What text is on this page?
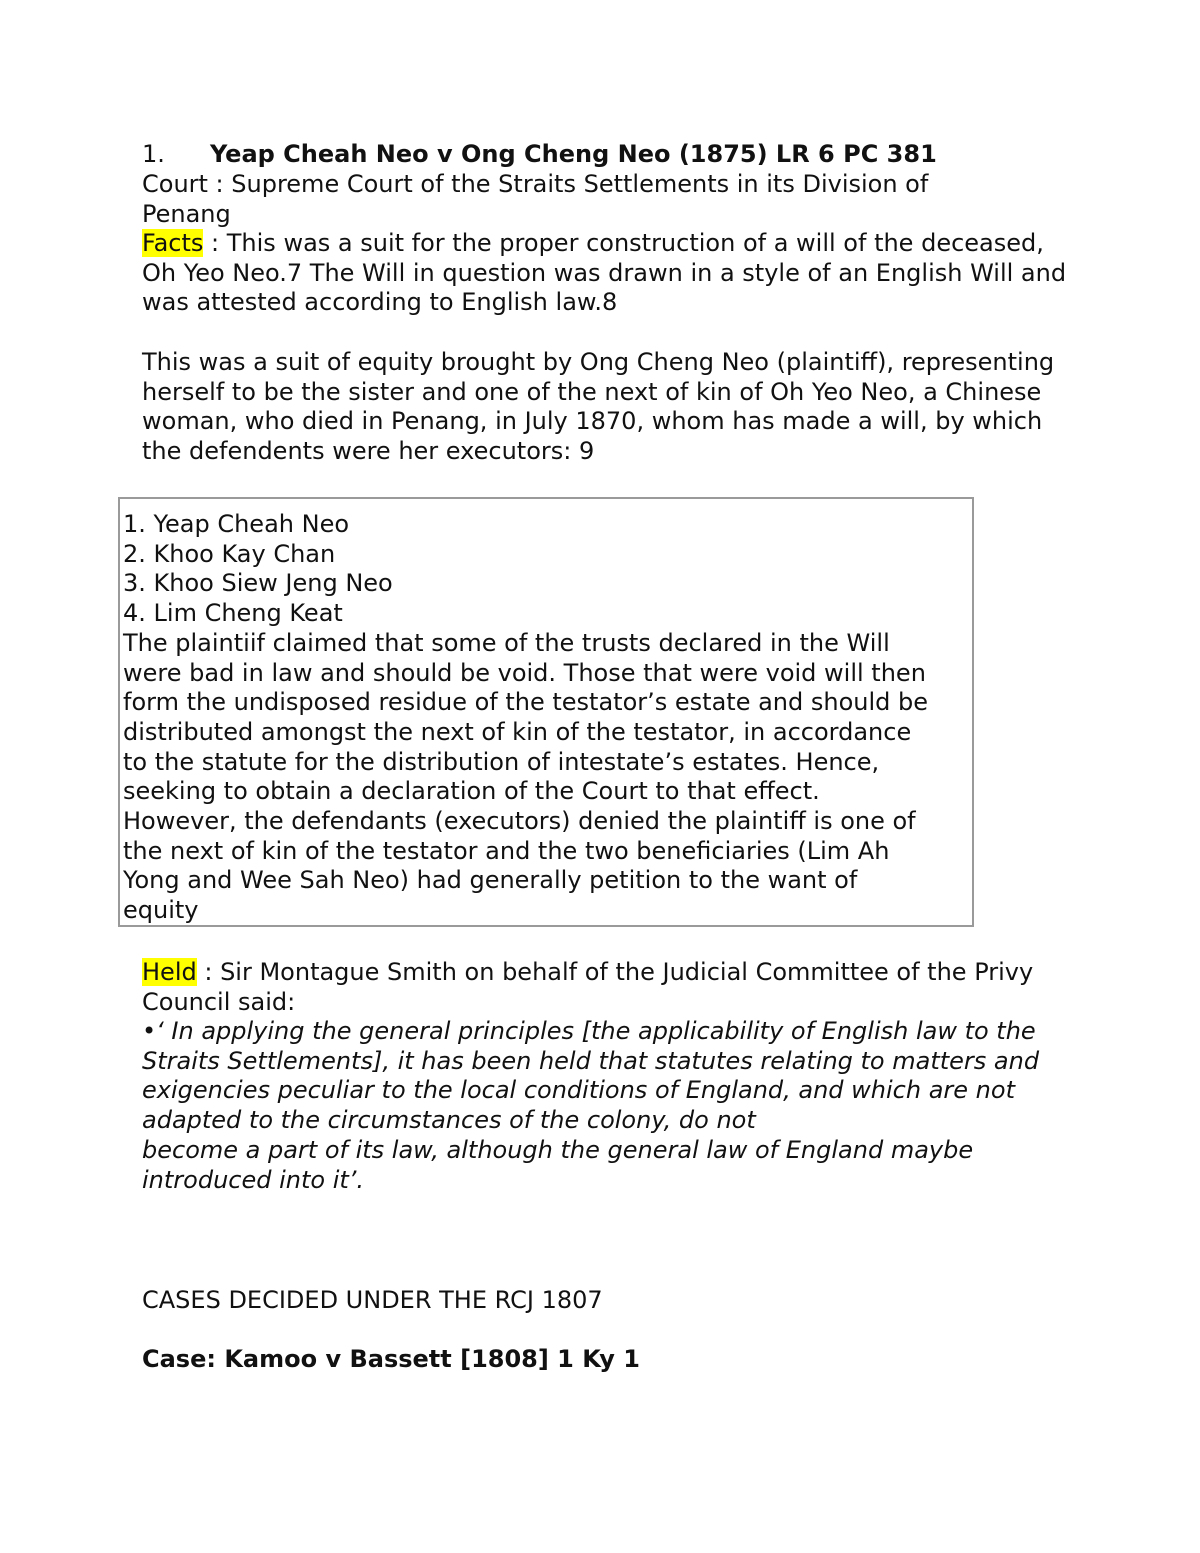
1. Yeap Cheah Neo v Ong Cheng Neo (1875) LR 6 PC 381
Court : Supreme Court of the Straits Settlements in its Division of Penang
Facts : This was a suit for the proper construction of a will of the deceased, Oh Yeo Neo.7 The Will in question was drawn in a style of an English Will and was attested according to English law.8
This was a suit of equity brought by Ong Cheng Neo (plaintiff), representing herself to be the sister and one of the next of kin of Oh Yeo Neo, a Chinese woman, who died in Penang, in July 1870, whom has made a will, by which the defendents were her executors: 9

1. Yeap Cheah Neo

2. Khoo Kay Chan

3. Khoo Siew Jeng Neo

4. Lim Cheng Keat

The plaintiif claimed that some of the trusts declared in the Will were bad in law and should be void. Those that were void will then form the undisposed residue of the testator’s estate and should be distributed amongst the next of kin of the testator, in accordance to the statute for the distribution of intestate’s estates. Hence, seeking to obtain a declaration of the Court to that effect. However, the defendants (executors) denied the plaintiff is one of the next of kin of the testator and the two beneficiaries (Lim Ah Yong and Wee Sah Neo) had generally petition to the want of equity

Held : Sir Montague Smith on behalf of the Judicial Committee of the Privy Council said:

•‘ In applying the general principles [the applicability of English law to the Straits Settlements], it has been held that statutes relating to matters and exigencies peculiar to the local conditions of England, and which are not adapted to the circumstances of the colony, do not

become a part of its law, although the general law of England maybe introduced into it’.

CASES DECIDED UNDER THE RCJ 1807
Case: Kamoo v Bassett [1808] 1 Ky 1
